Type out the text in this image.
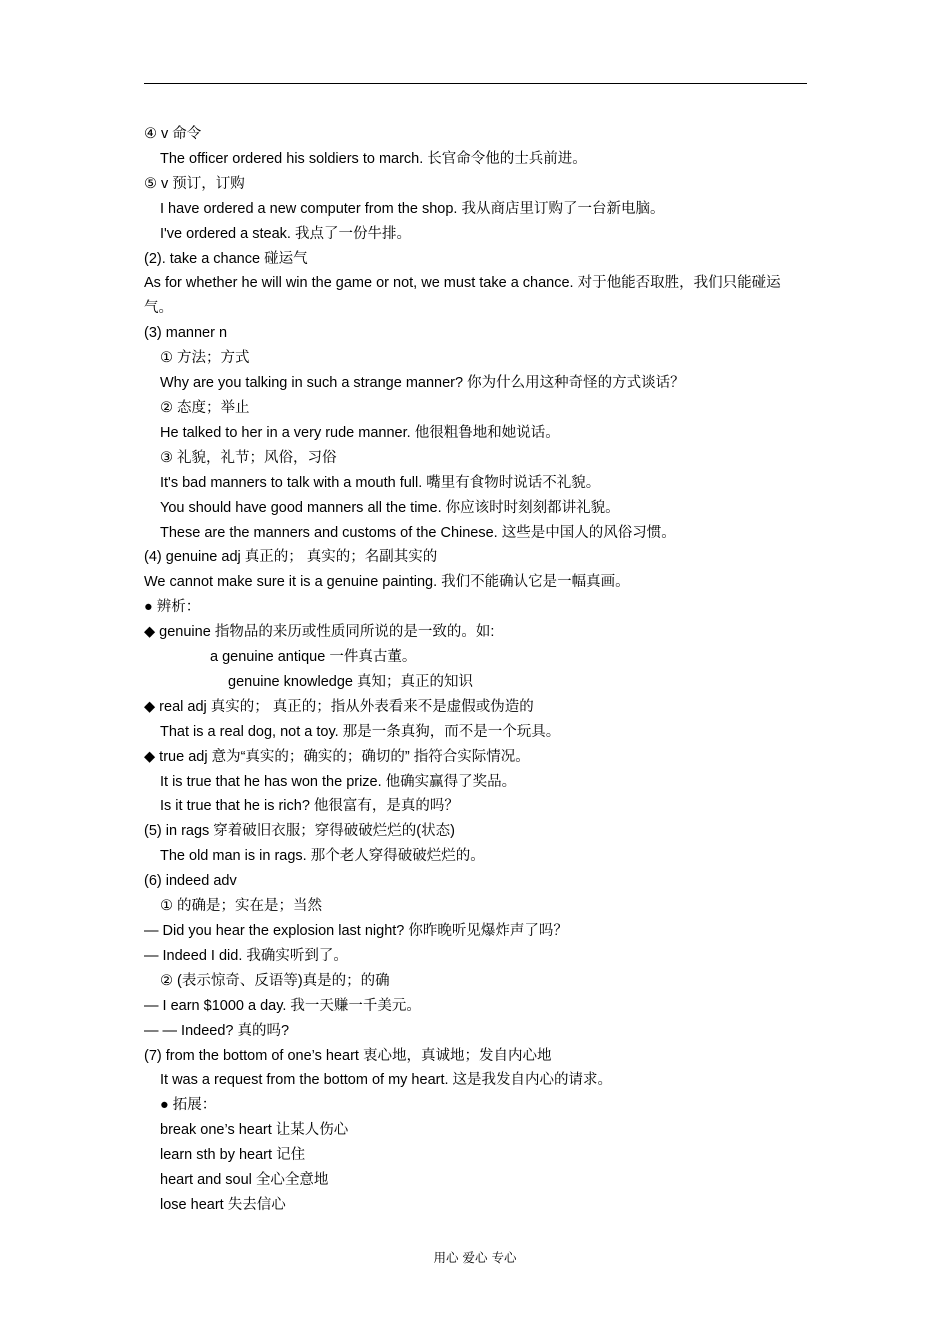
④ v 命令
The officer ordered his soldiers to march. 长官命令他的士兵前进。
⑤ v 预订，订购
I have ordered a new computer from the shop. 我从商店里订购了一台新电脑。
I've ordered a steak. 我点了一份牛排。
(2). take a chance 碰运气
As for whether he will win the game or not, we must take a chance. 对于他能否取胜，我们只能碰运气。
(3) manner n
① 方法；方式
Why are you talking in such a strange manner? 你为什么用这种奇怪的方式谈话？
② 态度；举止
He talked to her in a very rude manner. 他很粗鲁地和她说话。
③ 礼貌，礼节；风俗，习俗
It's bad manners to talk with a mouth full. 嘴里有食物时说话不礼貌。
You should have good manners all the time. 你应该时时刻刻都讲礼貌。
These are the manners and customs of the Chinese. 这些是中国人的风俗习惯。
(4) genuine adj 真正的； 真实的；名副其实的
We cannot make sure it is a genuine painting. 我们不能确认它是一幅真画。
● 辨析：
◆ genuine 指物品的来历或性质同所说的是一致的。如:
a genuine antique 一件真古董。
genuine knowledge 真知；真正的知识
◆ real adj 真实的； 真正的；指从外表看来不是虚假或伪造的
That is a real dog, not a toy. 那是一条真狗，而不是一个玩具。
◆ true adj 意为“真实的；确实的；确切的” 指符合实际情况。
It is true that he has won the prize. 他确实赢得了奖品。
Is it true that he is rich? 他很富有，是真的吗？
(5) in rags 穿着破旧衣服；穿得破破烂烂的(状态)
The old man is in rags. 那个老人穿得破破烂烂的。
(6) indeed adv
① 的确是；实在是；当然
— Did you hear the explosion last night? 你昨晚听见爆炸声了吗？
— Indeed I did. 我确实听到了。
② (表示惊奇、反语等)真是的；的确
— I earn $1000 a day. 我一天赚一千美元。
— — Indeed? 真的吗?
(7) from the bottom of one’s heart 衷心地，真诚地；发自内心地
It was a request from the bottom of my heart. 这是我发自内心的请求。
● 拓展：
break one’s heart 让某人伤心
learn sth by heart 记住
heart and soul 全心全意地
lose heart 失去信心
用心 爱心 专心
